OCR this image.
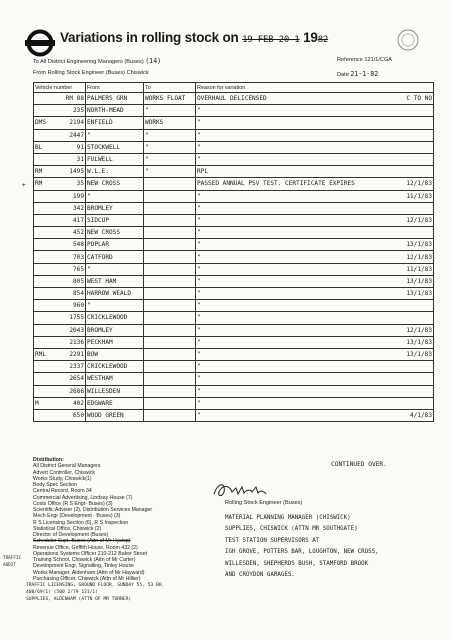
Variations in rolling stock on 19 FEB 20-1 1982
To All District Engineering Managers (Buses) (14)	Reference 121/1/CGA
From Rolling Stock Engineer (Buses) Chiswick	Date 21-1-82
Vehicle number	From	To	Reason for variation

RM 88	PALMERS GRN	WORKS FLOAT	OVERHAUL DELICENSED C TO NO

235	NORTH-MEAD	"	"

DMS 2194	ENFIELD	WORKS	"

2447	"	"	"

BL 91	STOCKWELL	"	"

31	FULWELL	"	"

RM 1495	W.L.E.	"	RPL

RM 35	NEW CROSS		PASSED ANNUAL PSV TEST. CERTIFICATE EXPIRES 12/1/83

199	"		" 11/1/83

342	BROMLEY		"

417	SIDCUP		" 12/1/83

452	NEW CROSS		"

548	POPLAR		" 13/1/83

703	CATFORD		" 12/1/83

765	"		" 11/1/83

805	WEST HAM		" 13/1/83

854	HARROW WEALD		" 13/1/83

960	"		"

1755	CRICKLEWOOD		"

2043	BROMLEY		" 12/1/83

2136	PECKHAM		" 13/1/83

RML 2291	BOW		" 13/1/83

2337	CRICKLEWOOD		"

2654	WESTHAM		"

2686	WILLESDEN		"

M 402	EDGWARE		"

650	WOOD GREEN		" 4/1/83
+
CONTINUED OVER.
Distribution:
All District General Managers
Advert Controller, Chiswick
Works Study, Chiswick(1)
Body Spec Section
Central Record, Room 34
Commercial Advertising, Lindsay House (7)
Costs Office (R S Engr- Buses) (3)
Scientific Adviser (2), Distribution Services Manager
Mech Engr (Development - Buses) (3)
R S Licensing Section (6), R S Inspection
Statistical Office, Chiswick (2)
Director of Development (Buses)
Scheduler Supt. Buses (Attn of Mr Hyslop)
Revenue Office, Griffith House, Room 432 (2)
Operations Systems Officer 210-212 Baker Street
Training School, Chiswick (Attn of Mr Carter)
Development Engr, Signalling, Tinley House
Works Manager, Aldenham (Attn of Mr Hayward)
Purchasing Officer, Chiswick (Attn of Mr Hillier)
TRAFFIC
AUDIT
TRAFFIC LICENSING, GROUND FLOOR, SUNDAY 55, 53 BH.
408/69(1) (500 2/79 121/1)
SUPPLIES, ALDENHAM (ATTN OF MR TURNER)
Rolling Stock Engineer (Buses)
MATERIAL PLANNING MANAGER (CHISWICK)
SUPPLIES, CHISWICK (ATTN MR SOUTHGATE)
TEST STATION SUPERVISORS AT
IGH GROVE, POTTERS BAR, LOUGHTON, NEW CROSS,
WILLESDEN, SHEPHERDS BUSH, STAMFORD BROOK
AND CROYDON GARAGES.
